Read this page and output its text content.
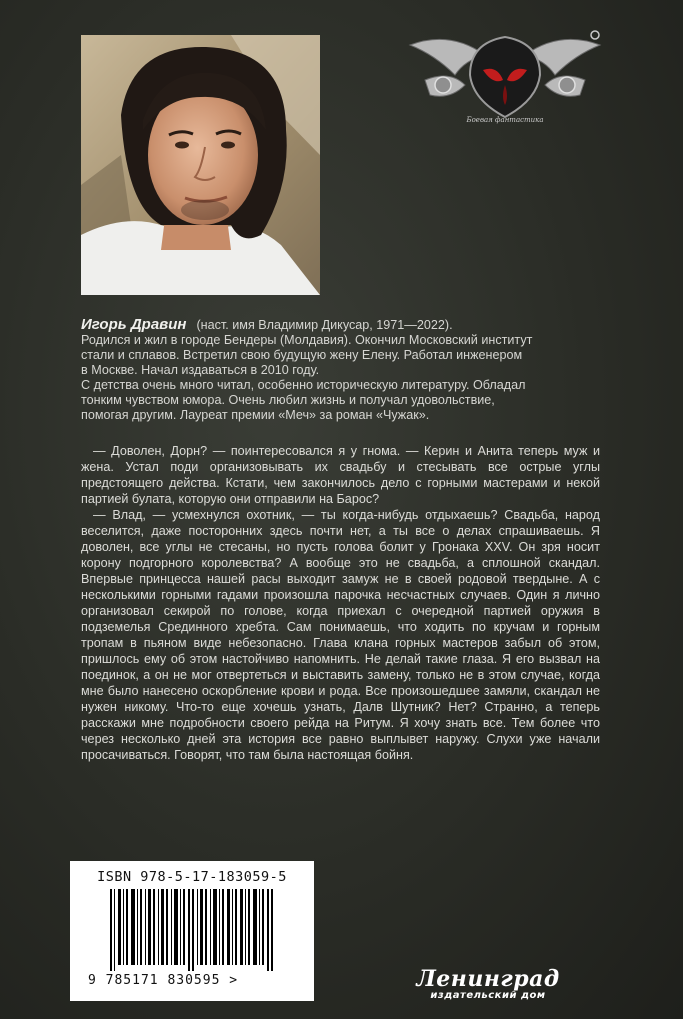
Боевая фантастика

Игорь Дравин (наст. имя Владимир Дикусар, 1971—2022).

Родился и жил в городе Бендеры (Молдавия). Окончил Московский институт

стали и сплавов. Встретил свою будущую жену Елену. Работал инженером

в Москве. Начал издаваться в 2010 году.

С детства очень много читал, особенно историческую литературу. Обладал

тонким чувством юмора. Очень любил жизнь и получал удовольствие,

помогая другим. Лауреат премии «Меч» за роман «Чужак».

— Доволен, Дорн? — поинтересовался я у гнома. — Керин и Анита теперь муж и жена. Устал поди организовывать их свадьбу и стесывать все острые углы предстоящего действа. Кстати, чем закончилось дело с горными мастерами и некой партией булата, которую они отправили на Барос?

— Влад, — усмехнулся охотник, — ты когда-нибудь отдыхаешь? Свадьба, народ веселится, даже посторонних здесь почти нет, а ты все о делах спрашиваешь. Я доволен, все углы не стесаны, но пусть голова болит у Гронака XXV. Он зря носит корону подгорного королевства? А вообще это не свадьба, а сплошной скандал. Впервые принцесса нашей расы выходит замуж не в своей родовой твердыне. А с несколькими горными гадами произошла парочка несчастных случаев. Один я лично организовал секирой по голове, когда приехал с очередной партией оружия в подземелья Срединного хребта. Сам понимаешь, что ходить по кручам и горным тропам в пьяном виде небезопасно. Глава клана горных мастеров забыл об этом, пришлось ему об этом настойчиво напомнить. Не делай такие глаза. Я его вызвал на поединок, а он не мог отвертеться и выставить замену, только не в этом случае, когда мне было нанесено оскорбление крови и рода. Все произошедшее замяли, скандал не нужен никому. Что-то еще хочешь узнать, Далв Шутник? Нет? Странно, а теперь расскажи мне подробности своего рейда на Ритум. Я хочу знать все. Тем более что через несколько дней эта история все равно выплывет наружу. Слухи уже начали просачиваться. Говорят, что там была настоящая бойня.

ISBN 978-5-17-183059-5
9 785171 830595 >	Ленинград
издательский дом
